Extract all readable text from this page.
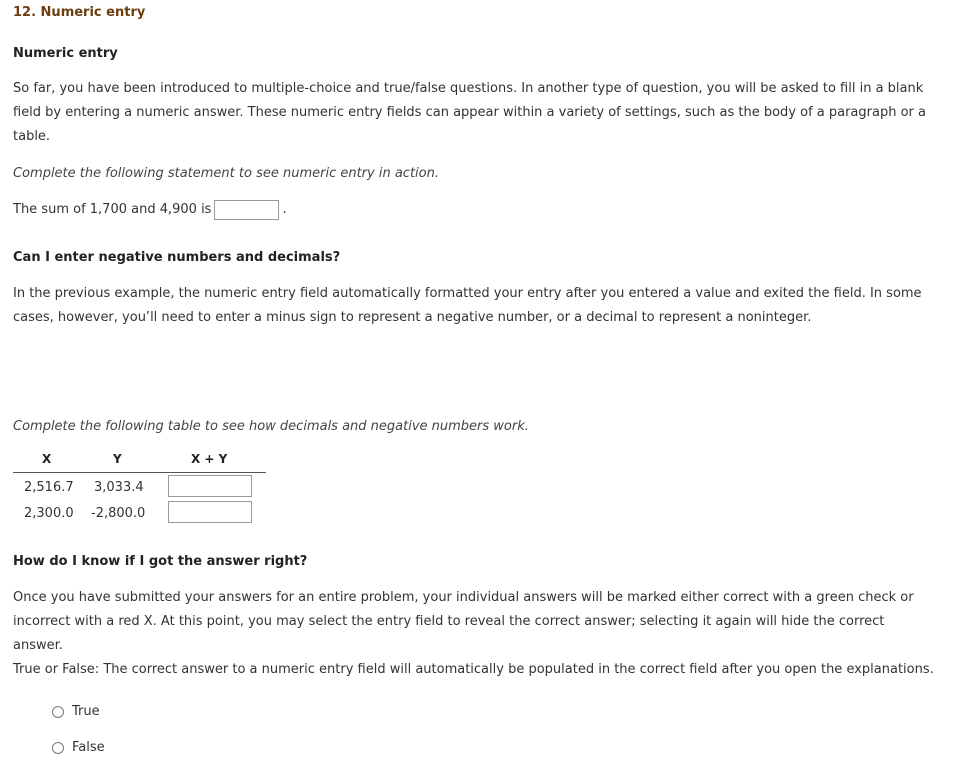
12. Numeric entry
Numeric entry
So far, you have been introduced to multiple-choice and true/false questions. In another type of question, you will be asked to fill in a blank field by entering a numeric answer. These numeric entry fields can appear within a variety of settings, such as the body of a paragraph or a table.
Complete the following statement to see numeric entry in action.
The sum of 1,700 and 4,900 is	.
Can I enter negative numbers and decimals?
In the previous example, the numeric entry field automatically formatted your entry after you entered a value and exited the field. In some cases, however, you’ll need to enter a minus sign to represent a negative number, or a decimal to represent a noninteger.
Complete the following table to see how decimals and negative numbers work.
X	Y	X + Y
2,516.7 3,033.4
2,300.0 -2,800.0
How do I know if I got the answer right?
Once you have submitted your answers for an entire problem, your individual answers will be marked either correct with a green check or incorrect with a red X. At this point, you may select the entry field to reveal the correct answer; selecting it again will hide the correct answer.
True or False: The correct answer to a numeric entry field will automatically be populated in the correct field after you open the explanations.
True
False
